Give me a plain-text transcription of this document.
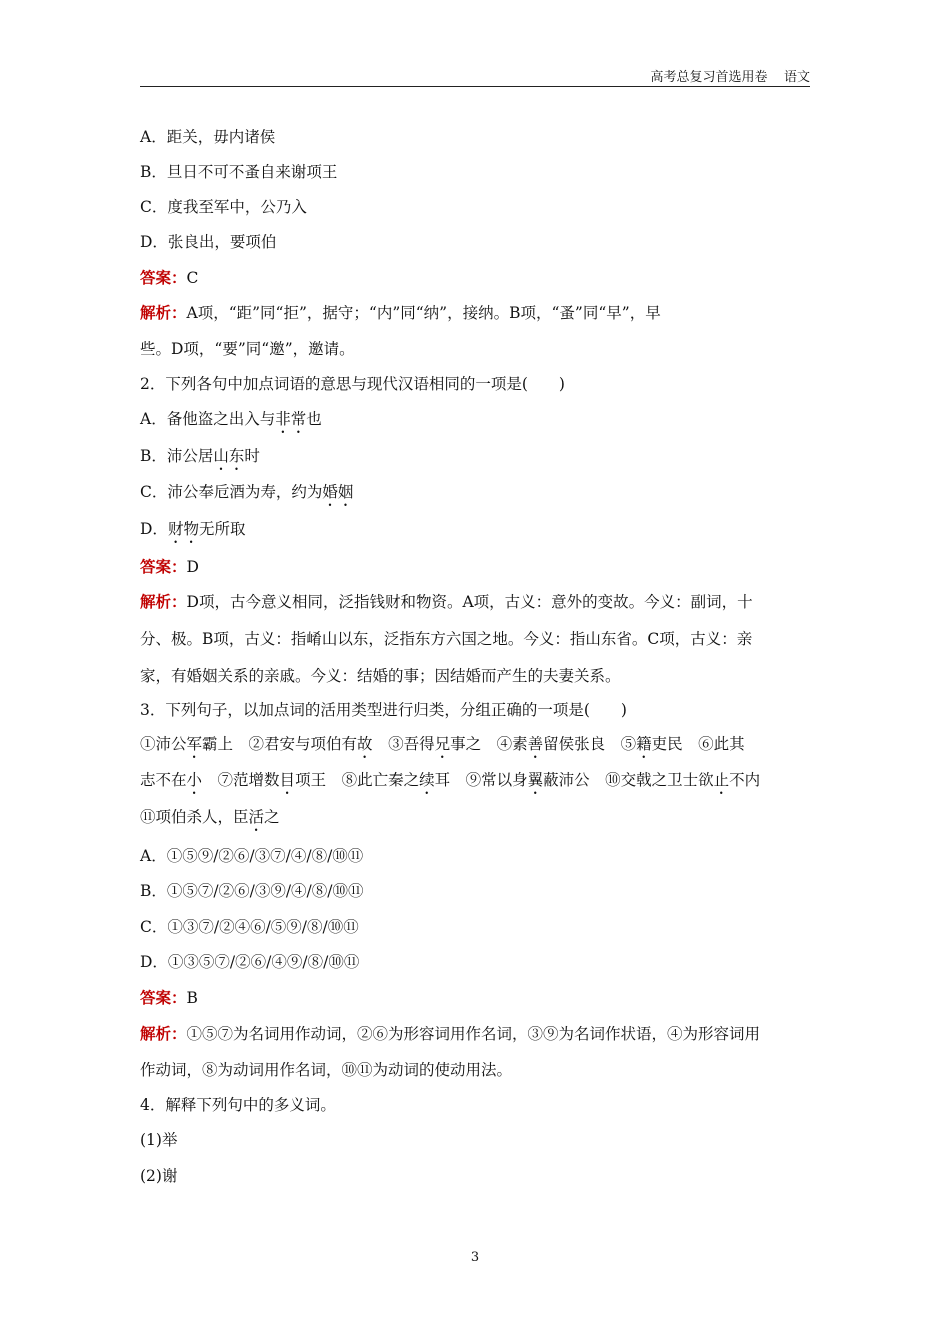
高考总复习首选用卷    语文
A．距关，毋内诸侯
B．旦日不可不蚤自来谢项王
C．度我至军中，公乃入
D．张良出，要项伯
答案：C
解析：A项，“距”同“拒”，据守；“内”同“纳”，接纳。B项，“蚤”同“早”，早
些。D项，“要”同“邀”，邀请。
2．下列各句中加点词语的意思与现代汉语相同的一项是(　　)
A．备他盗之出入与非常也
B．沛公居山东时
C．沛公奉卮酒为寿，约为婚姻
D．财物无所取
答案：D
解析：D项，古今意义相同，泛指钱财和物资。A项，古义：意外的变故。今义：副词，十
分、极。B项，古义：指崤山以东，泛指东方六国之地。今义：指山东省。C项，古义：亲
家，有婚姻关系的亲戚。今义：结婚的事；因结婚而产生的夫妻关系。
3．下列句子，以加点词的活用类型进行归类，分组正确的一项是(　　)
①沛公军霸上　②君安与项伯有故　③吾得兄事之　④素善留侯张良　⑤籍吏民　⑥此其
志不在小　⑦范增数目项王　⑧此亡秦之续耳　⑨常以身翼蔽沛公　⑩交戟之卫士欲止不内
⑪项伯杀人，臣活之
A．①⑤⑨/②⑥/③⑦/④/⑧/⑩⑪
B．①⑤⑦/②⑥/③⑨/④/⑧/⑩⑪
C．①③⑦/②④⑥/⑤⑨/⑧/⑩⑪
D．①③⑤⑦/②⑥/④⑨/⑧/⑩⑪
答案：B
解析：①⑤⑦为名词用作动词，②⑥为形容词用作名词，③⑨为名词作状语，④为形容词用
作动词，⑧为动词用作名词，⑩⑪为动词的使动用法。
4．解释下列句中的多义词。
(1)举
(2)谢
3
